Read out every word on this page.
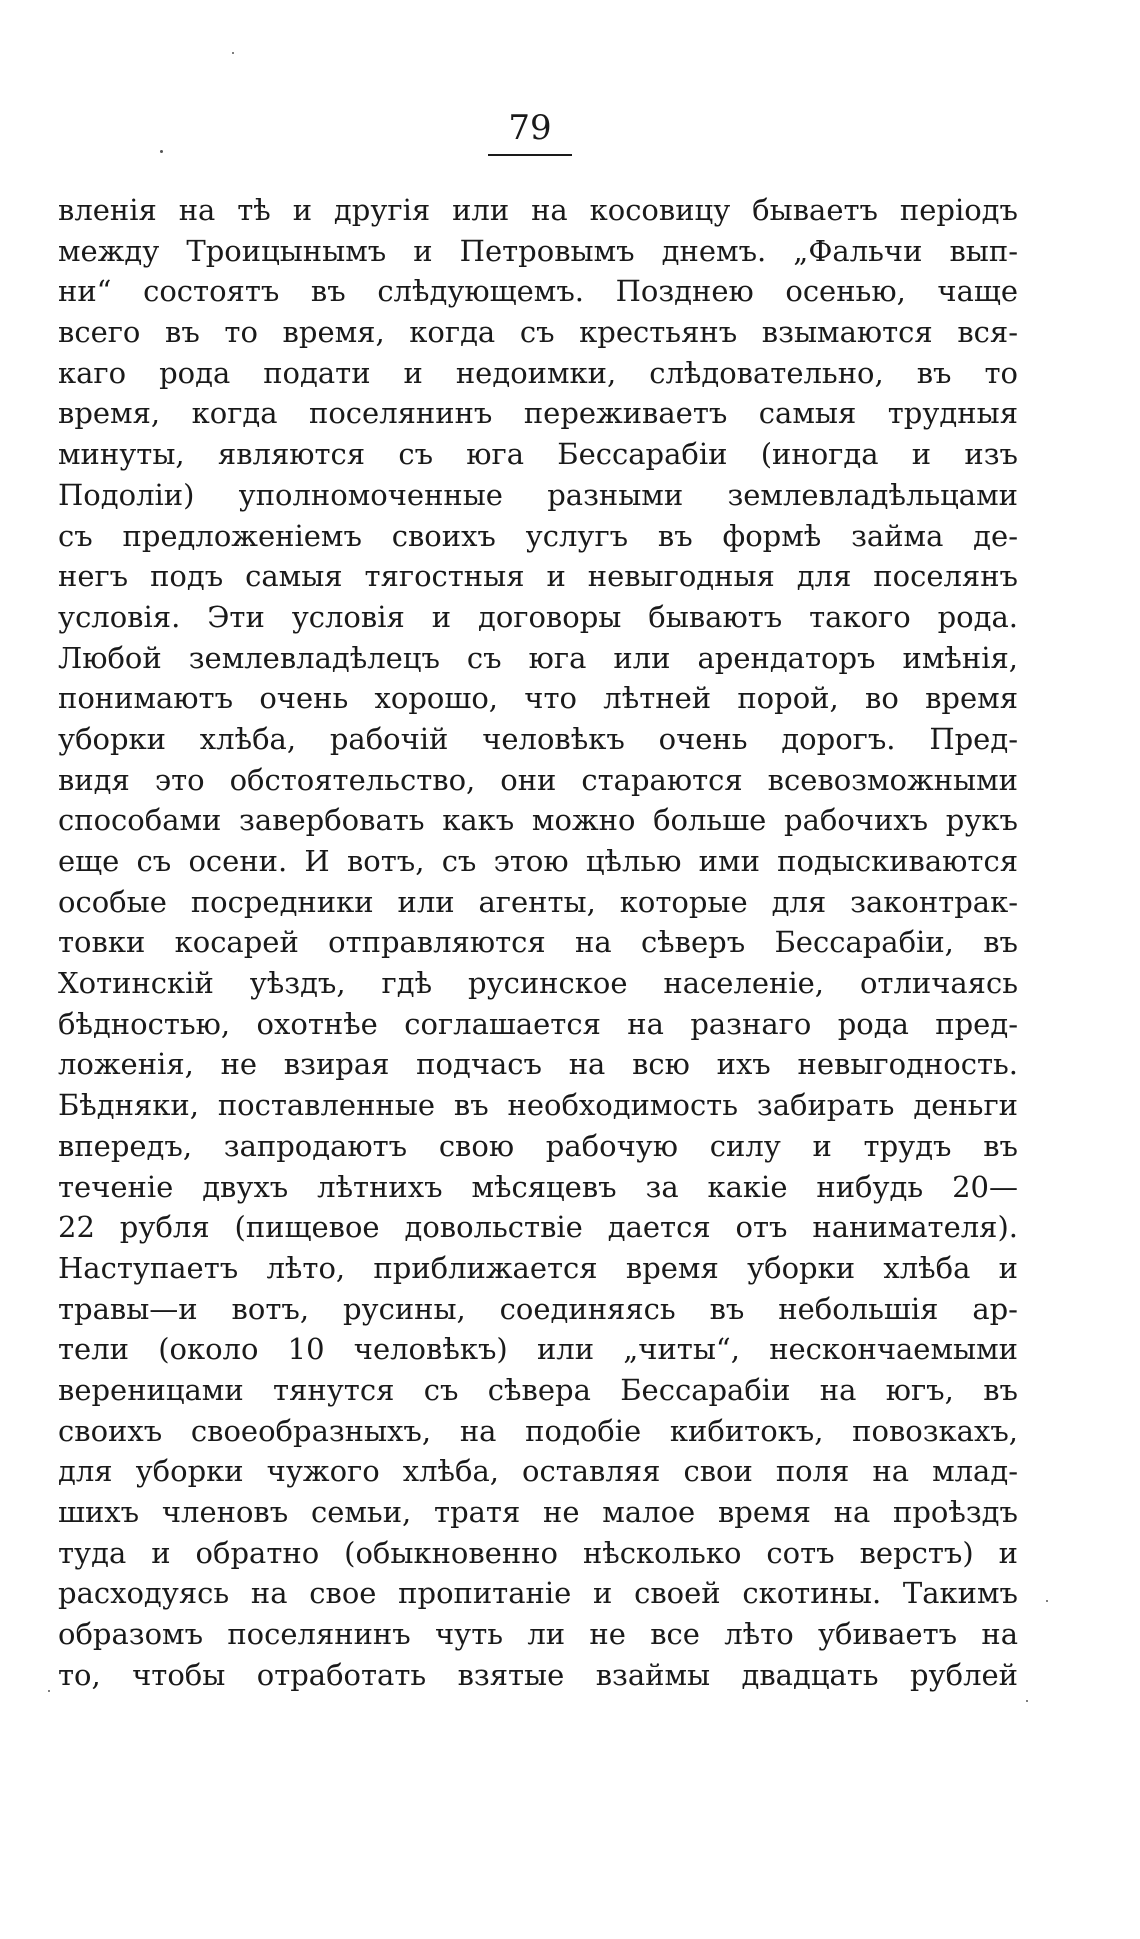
79
вленія на тѣ и другія или на косовицу бываетъ періодъ
между Троицынымъ и Петровымъ днемъ. „Фальчи вып-
ни“ состоятъ въ слѣдующемъ. Позднею осенью, чаще
всего въ то время, когда съ крестьянъ взымаются вся-
каго рода подати и недоимки, слѣдовательно, въ то
время, когда поселянинъ переживаетъ самыя трудныя
минуты, являются съ юга Бессарабіи (иногда и изъ
Подоліи) уполномоченные разными землевладѣльцами
съ предложеніемъ своихъ услугъ въ формѣ займа де-
негъ подъ самыя тягостныя и невыгодныя для поселянъ
условія. Эти условія и договоры бываютъ такого рода.
Любой землевладѣлецъ съ юга или арендаторъ имѣнія,
понимаютъ очень хорошо, что лѣтней порой, во время
уборки хлѣба, рабочій человѣкъ очень дорогъ. Пред-
видя это обстоятельство, они стараются всевозможными
способами завербовать какъ можно больше рабочихъ рукъ
еще съ осени. И вотъ, съ этою цѣлью ими подыскиваются
особые посредники или агенты, которые для законтрак-
товки косарей отправляются на сѣверъ Бессарабіи, въ
Хотинскій уѣздъ, гдѣ русинское населеніе, отличаясь
бѣдностью, охотнѣе соглашается на разнаго рода пред-
ложенія, не взирая подчасъ на всю ихъ невыгодность.
Бѣдняки, поставленные въ необходимость забирать деньги
впередъ, запродаютъ свою рабочую силу и трудъ въ
теченіе двухъ лѣтнихъ мѣсяцевъ за какіе нибудь 20—
22 рубля (пищевое довольствіе дается отъ нанимателя).
Наступаетъ лѣто, приближается время уборки хлѣба и
травы—и вотъ, русины, соединяясь въ небольшія ар-
тели (около 10 человѣкъ) или „читы“, нескончаемыми
вереницами тянутся съ сѣвера Бессарабіи на югъ, въ
своихъ своеобразныхъ, на подобіе кибитокъ, повозкахъ,
для уборки чужого хлѣба, оставляя свои поля на млад-
шихъ членовъ семьи, тратя не малое время на проѣздъ
туда и обратно (обыкновенно нѣсколько сотъ верстъ) и
расходуясь на свое пропитаніе и своей скотины. Такимъ
образомъ поселянинъ чуть ли не все лѣто убиваетъ на
то, чтобы отработать взятые взаймы двадцать рублей
